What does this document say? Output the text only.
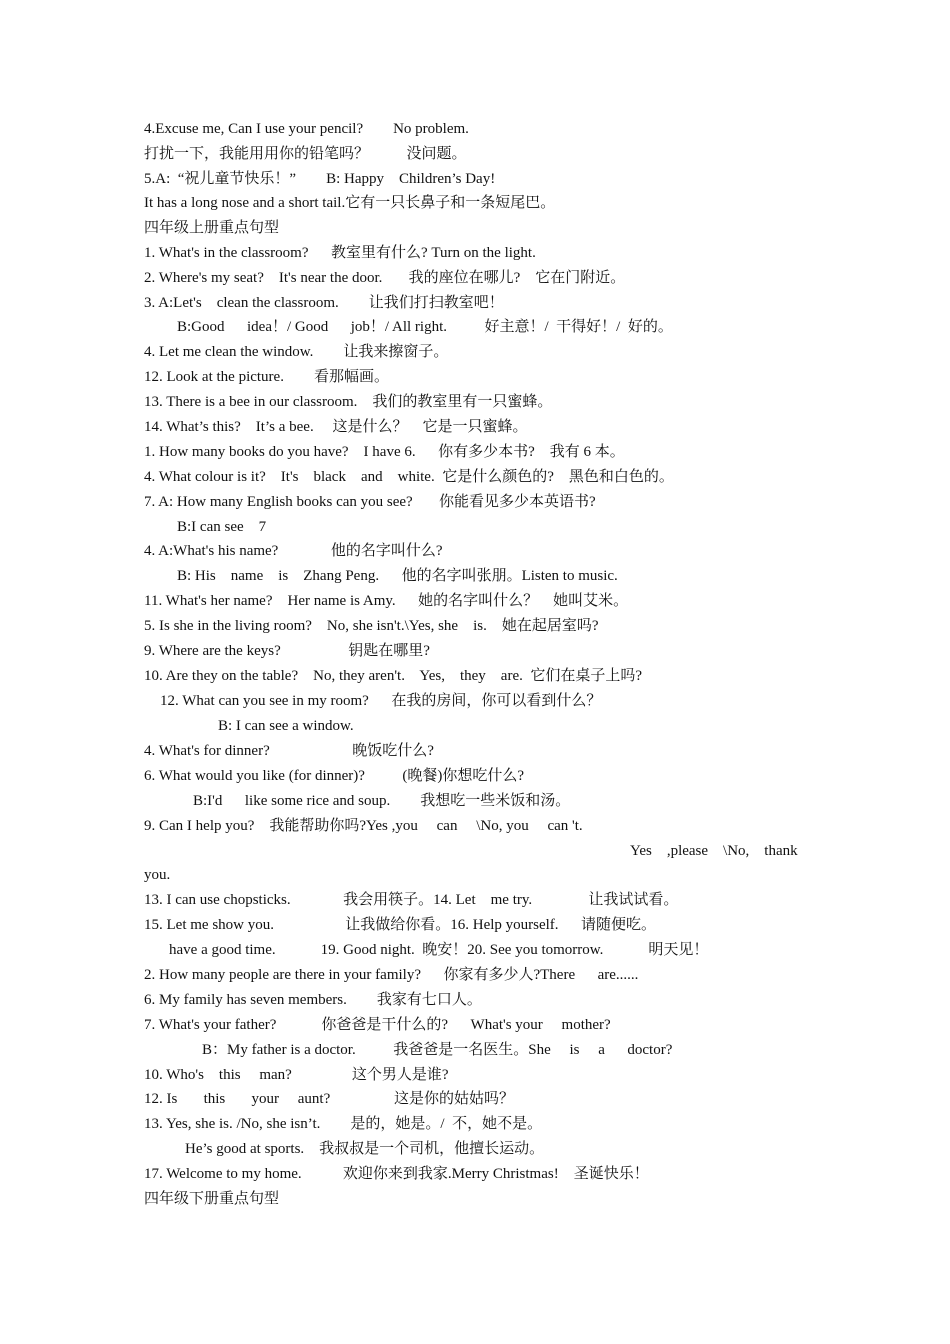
4.Excuse me, Can I use your pencil?        No problem.
打扰一下，我能用用你的铅笔吗？          没问题。
5.A:  “祝儿童节快乐！”        B: Happy    Children’s Day!
It has a long nose and a short tail.它有一只长鼻子和一条短尾巴。
四年级上册重点句型
1. What's in the classroom?      教室里有什么? Turn on the light.
2. Where's my seat?    It's near the door.       我的座位在哪儿?    它在门附近。
3. A:Let's    clean the classroom.        让我们打扫教室吧！
B:Good      idea！/ Good      job！/ All right.          好主意！/  干得好！/  好的。
4. Let me clean the window.        让我来擦窗子。
12. Look at the picture.        看那幅画。
13. There is a bee in our classroom.    我们的教室里有一只蜜蜂。
14. What’s this?    It’s a bee.     这是什么？    它是一只蜜蜂。
1. How many books do you have?    I have 6.      你有多少本书?    我有 6 本。
4. What colour is it?    It's    black    and    white.  它是什么颜色的?    黑色和白色的。
7. A: How many English books can you see?       你能看见多少本英语书?
B:I can see    7
4. A:What's his name?              他的名字叫什么?
B: His    name    is    Zhang Peng.      他的名字叫张朋。Listen to music.
11. What's her name?    Her name is Amy.      她的名字叫什么？    她叫艾米。
5. Is she in the living room?    No, she isn't.\Yes, she    is.    她在起居室吗?
9. Where are the keys?                  钥匙在哪里?
10. Are they on the table?    No, they aren't.    Yes,    they    are.  它们在桌子上吗?
12. What can you see in my room?      在我的房间，你可以看到什么？
B: I can see a window.
4. What's for dinner?                      晚饭吃什么?
6. What would you like (for dinner)?          (晚餐)你想吃什么?
B:I'd      like some rice and soup.        我想吃一些米饭和汤。
9. Can I help you?    我能帮助你吗?Yes ,you     can     \No, you     can 't.
Yes    ,please    \No,    thank
you.
13. I can use chopsticks.              我会用筷子。14. Let    me try.               让我试试看。
15. Let me show you.                   让我做给你看。16. Help yourself.      请随便吃。
have a good time.            19. Good night.  晚安！20. See you tomorrow.            明天见！
2. How many people are there in your family?      你家有多少人?There      are......
6. My family has seven members.        我家有七口人。
7. What's your father?            你爸爸是干什么的?      What's your     mother?
B：My father is a doctor.          我爸爸是一名医生。She     is     a      doctor?
10. Who's    this     man?                这个男人是谁?
12. Is       this       your     aunt?                 这是你的姑姑吗？
13. Yes, she is. /No, she isn’t.        是的，她是。/  不，她不是。
He’s good at sports.    我叔叔是一个司机，他擅长运动。
17. Welcome to my home.           欢迎你来到我家.Merry Christmas!    圣诞快乐！
四年级下册重点句型
